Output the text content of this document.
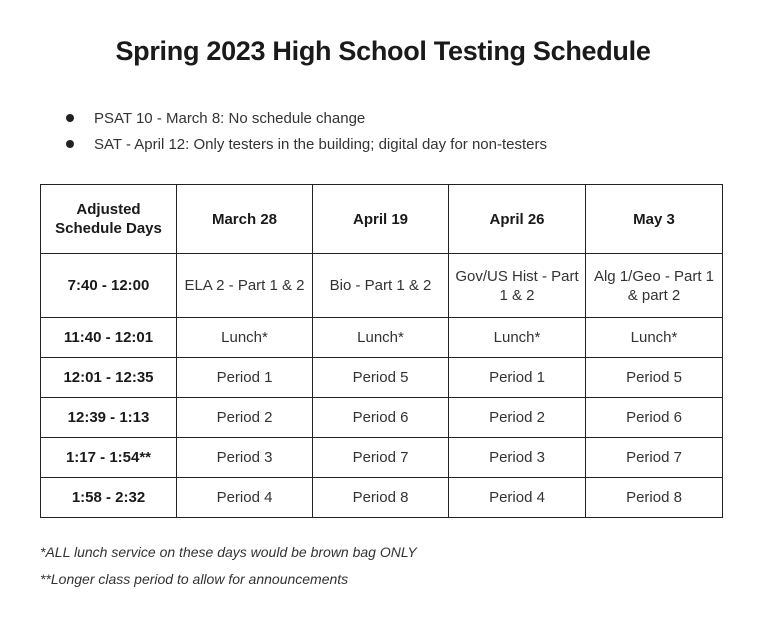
Spring 2023 High School Testing Schedule
PSAT 10 - March 8: No schedule change
SAT - April 12: Only testers in the building; digital day for non-testers
Adjusted Schedule Days	March 28	April 19	April 26	May 3
7:40 - 12:00	ELA 2 - Part 1 & 2	Bio - Part 1 & 2	Gov/US Hist - Part 1 & 2	Alg 1/Geo - Part 1 & part 2
11:40 - 12:01	Lunch*	Lunch*	Lunch*	Lunch*
12:01 - 12:35	Period 1	Period 5	Period 1	Period 5
12:39 - 1:13	Period 2	Period 6	Period 2	Period 6
1:17 - 1:54**	Period 3	Period 7	Period 3	Period 7
1:58 - 2:32	Period 4	Period 8	Period 4	Period 8
*ALL lunch service on these days would be brown bag ONLY
**Longer class period to allow for announcements
